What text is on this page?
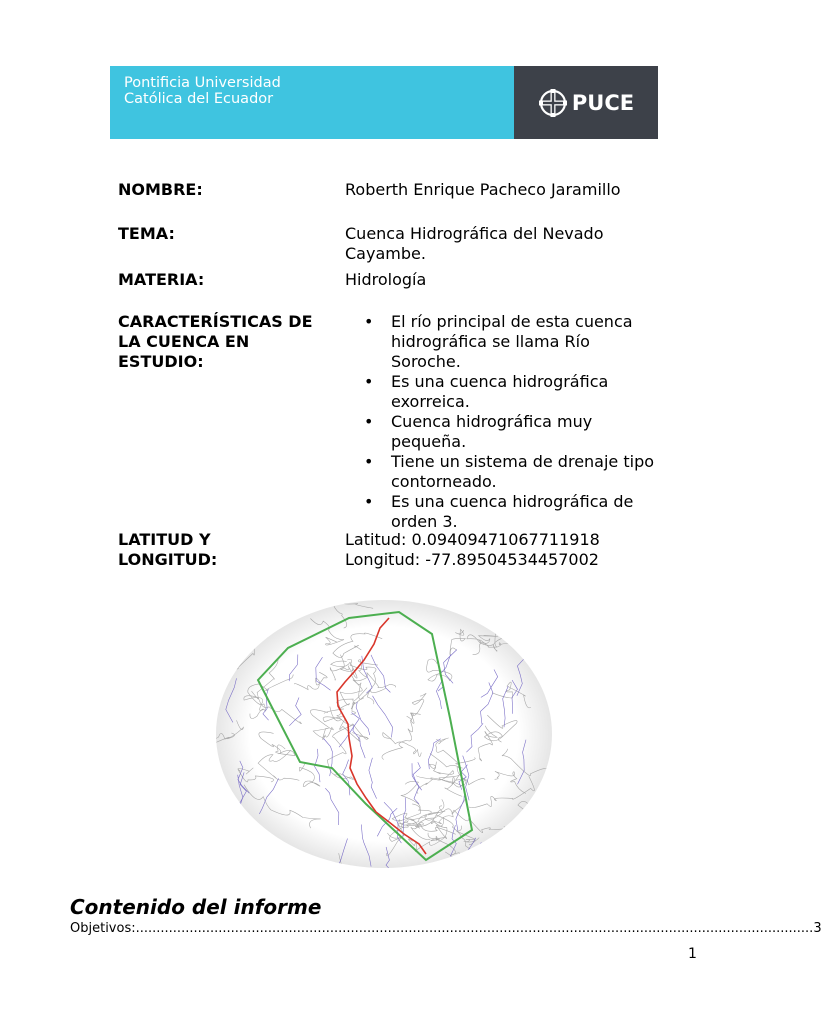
Pontificia Universidad
Católica del Ecuador	PUCE
NOMBRE:	Roberth Enrique Pacheco Jaramillo
TEMA:	Cuenca Hidrográfica del Nevado Cayambe.
MATERIA:	Hidrología
CARACTERÍSTICAS DE LA CUENCA EN ESTUDIO:
• El río principal de esta cuenca hidrográfica se llama Río Soroche.
• Es una cuenca hidrográfica exorreica.
• Cuenca hidrográfica muy pequeña.
• Tiene un sistema de drenaje tipo contorneado.
• Es una cuenca hidrográfica de orden 3.
LATITUD Y LONGITUD:
Latitud: 0.09409471067711918
Longitud: -77.89504534457002
Contenido del informe
Objetivos: .................................................................................................................................................................... 3
1
